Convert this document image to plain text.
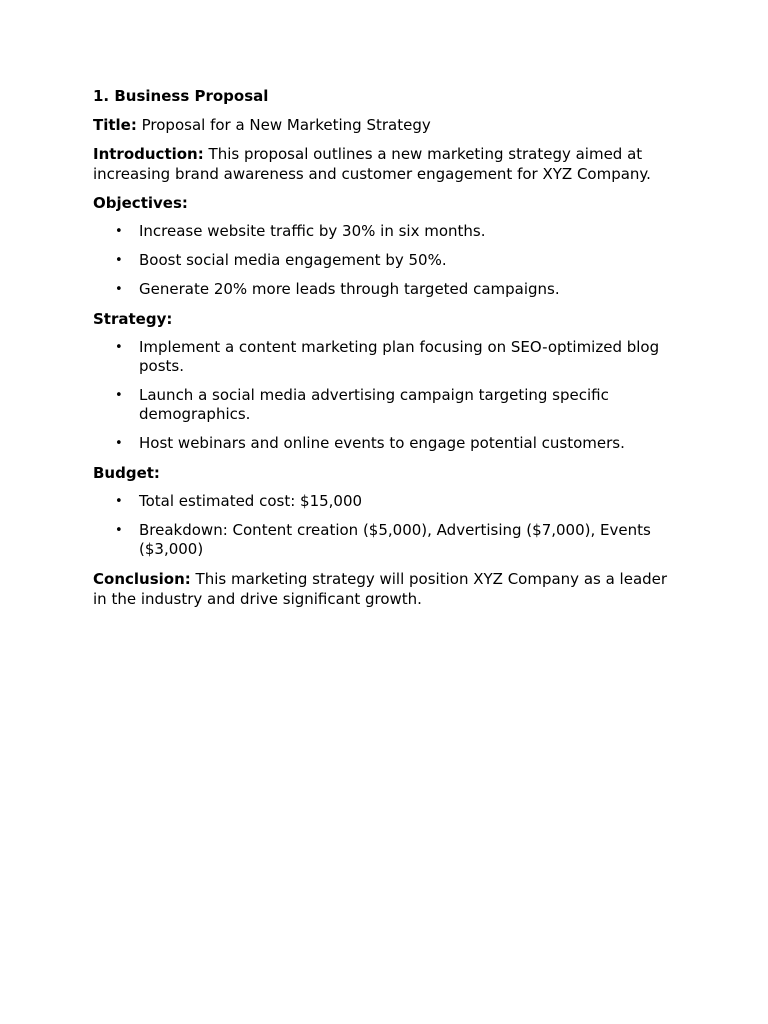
1. Business Proposal
Title: Proposal for a New Marketing Strategy
Introduction: This proposal outlines a new marketing strategy aimed at increasing brand awareness and customer engagement for XYZ Company.
Objectives:
• Increase website traffic by 30% in six months.
• Boost social media engagement by 50%.
• Generate 20% more leads through targeted campaigns.
Strategy:
• Implement a content marketing plan focusing on SEO-optimized blog posts.
• Launch a social media advertising campaign targeting specific demographics.
• Host webinars and online events to engage potential customers.
Budget:
• Total estimated cost: $15,000
• Breakdown: Content creation ($5,000), Advertising ($7,000), Events ($3,000)
Conclusion: This marketing strategy will position XYZ Company as a leader in the industry and drive significant growth.
